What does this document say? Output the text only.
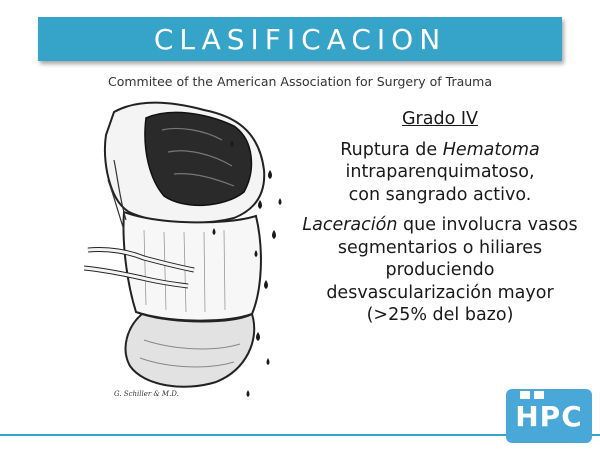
CLASIFICACION
Commitee of the American Association for Surgery of Trauma
G. Schiller & M.D.
Grado IV
Ruptura de Hematoma
intraparenquimatoso,
con sangrado activo.
Laceración que involucra vasos
segmentarios o hiliares
produciendo
desvascularización mayor
(>25% del bazo)
HPC
